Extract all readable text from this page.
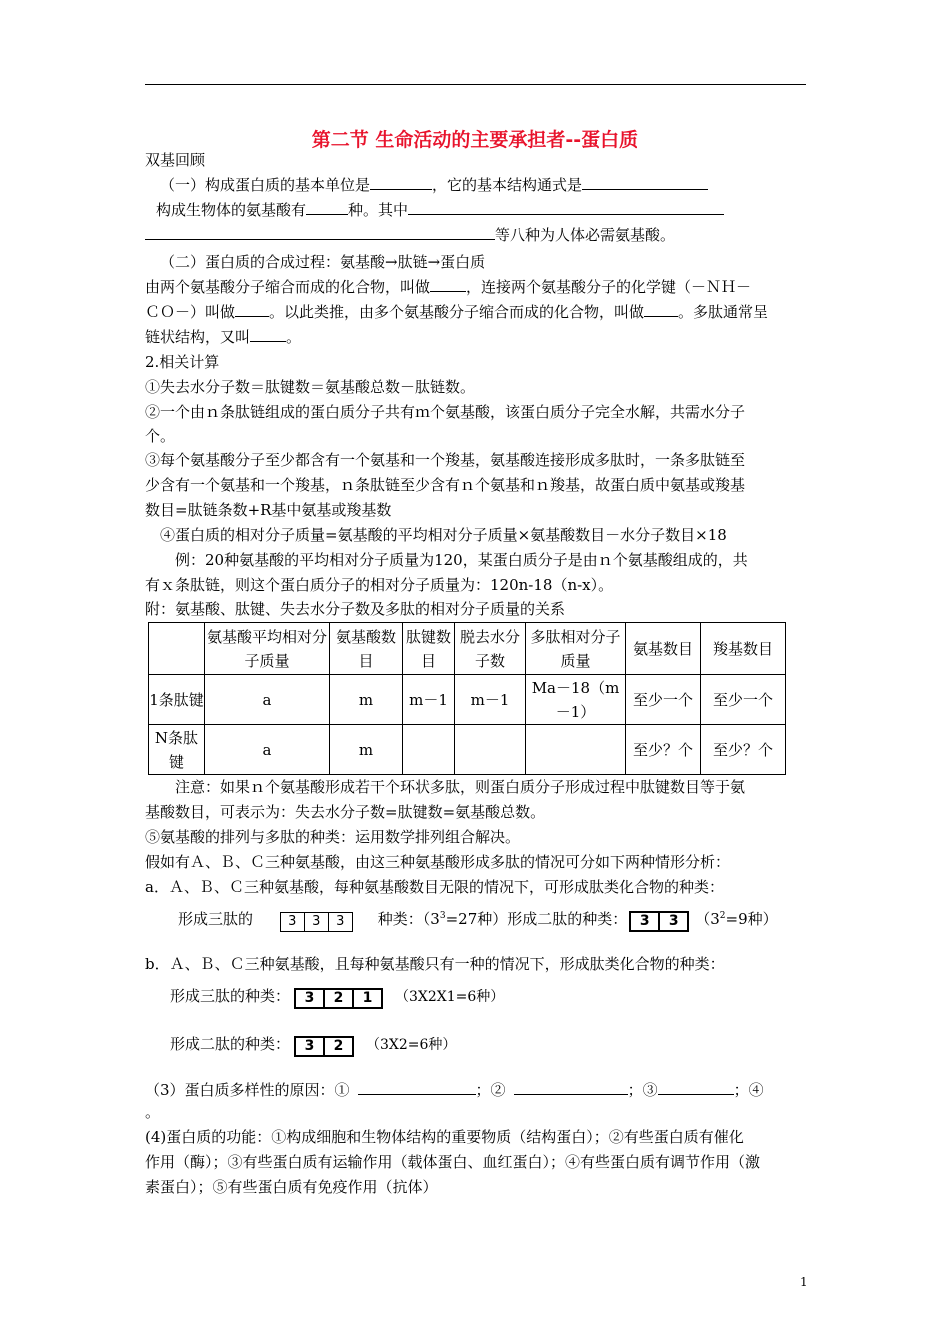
第二节 生命活动的主要承担者--蛋白质
双基回顾
（一）构成蛋白质的基本单位是	，它的基本结构通式是
构成生物体的氨基酸有	种。其中
等八种为人体必需氨基酸。
（二）蛋白质的合成过程：氨基酸→肽链→蛋白质
由两个氨基酸分子缩合而成的化合物，叫做 ，连接两个氨基酸分子的化学键（－ＮＨ－
ＣＯ－）叫做 。以此类推，由多个氨基酸分子缩合而成的化合物，叫做 。多肽通常呈
链状结构，又叫 。
2.相关计算
①失去水分子数＝肽键数＝氨基酸总数－肽链数。
②一个由ｎ条肽链组成的蛋白质分子共有ｍ个氨基酸，该蛋白质分子完全水解，共需水分子
个。
③每个氨基酸分子至少都含有一个氨基和一个羧基，氨基酸连接形成多肽时，一条多肽链至
少含有一个氨基和一个羧基，ｎ条肽链至少含有ｎ个氨基和ｎ羧基，故蛋白质中氨基或羧基
数目=肽链条数+R基中氨基或羧基数
④蛋白质的相对分子质量=氨基酸的平均相对分子质量×氨基酸数目－水分子数目×18
例：20种氨基酸的平均相对分子质量为120，某蛋白质分子是由ｎ个氨基酸组成的，共
有ｘ条肽链，则这个蛋白质分子的相对分子质量为：120n-18（n-x）。
附：氨基酸、肽键、失去水分子数及多肽的相对分子质量的关系
	氨基酸平均相对分子质量	氨基酸数目	肽键数目	脱去水分子数	多肽相对分子质量	氨基数目	羧基数目
1条肽键	a	m	m－1	m－1	Ma－18（m－1）	至少一个	至少一个
N条肽键	a	m				至少？个	至少？个
注意：如果ｎ个氨基酸形成若干个环状多肽，则蛋白质分子形成过程中肽键数目等于氨
基酸数目，可表示为：失去水分子数=肽键数=氨基酸总数。
⑤氨基酸的排列与多肽的种类：运用数学排列组合解决。
假如有Ａ、Ｂ、Ｃ三种氨基酸，由这三种氨基酸形成多肽的情况可分如下两种情形分析：
a．Ａ、Ｂ、Ｃ三种氨基酸，每种氨基酸数目无限的情况下，可形成肽类化合物的种类：
形成三肽的	3 3 3 种类：（$3^3=27$种）形成二肽的种类： 3 3 （$3^2=9$种）
b．Ａ、Ｂ、Ｃ三种氨基酸，且每种氨基酸只有一种的情况下，形成肽类化合物的种类：
形成三肽的种类： 3 2 1 （3X2X1=6种）
形成二肽的种类： 3 2 （3X2=6种）
（3）蛋白质多样性的原因：①	；②	；③	；④
。
(4)蛋白质的功能：①构成细胞和生物体结构的重要物质（结构蛋白）；②有些蛋白质有催化
作用（酶）；③有些蛋白质有运输作用（载体蛋白、血红蛋白）；④有些蛋白质有调节作用（激
素蛋白）；⑤有些蛋白质有免疫作用（抗体）
1
